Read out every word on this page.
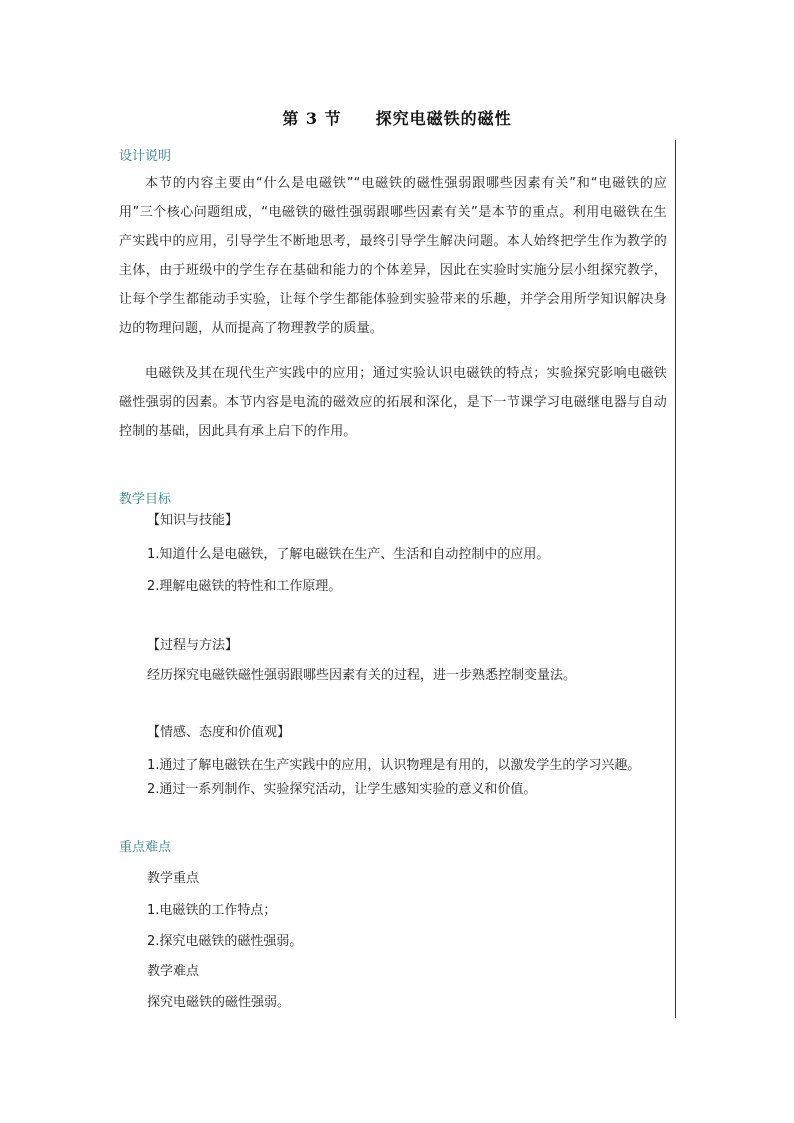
第 3 节 探究电磁铁的磁性
设计说明
本节的内容主要由“什么是电磁铁”“电磁铁的磁性强弱跟哪些因素有关”和“电磁铁的应用”三个核心问题组成，“电磁铁的磁性强弱跟哪些因素有关”是本节的重点。利用电磁铁在生产实践中的应用，引导学生不断地思考，最终引导学生解决问题。本人始终把学生作为教学的主体，由于班级中的学生存在基础和能力的个体差异，因此在实验时实施分层小组探究教学，让每个学生都能动手实验，让每个学生都能体验到实验带来的乐趣，并学会用所学知识解决身边的物理问题，从而提高了物理教学的质量。
电磁铁及其在现代生产实践中的应用；通过实验认识电磁铁的特点；实验探究影响电磁铁磁性强弱的因素。本节内容是电流的磁效应的拓展和深化，是下一节课学习电磁继电器与自动控制的基础，因此具有承上启下的作用。
教学目标
【知识与技能】
1.知道什么是电磁铁，了解电磁铁在生产、生活和自动控制中的应用。
2.理解电磁铁的特性和工作原理。
【过程与方法】
经历探究电磁铁磁性强弱跟哪些因素有关的过程，进一步熟悉控制变量法。
【情感、态度和价值观】
1.通过了解电磁铁在生产实践中的应用，认识物理是有用的，以激发学生的学习兴趣。
2.通过一系列制作、实验探究活动，让学生感知实验的意义和价值。
重点难点
教学重点
1.电磁铁的工作特点；
2.探究电磁铁的磁性强弱。
教学难点
探究电磁铁的磁性强弱。
